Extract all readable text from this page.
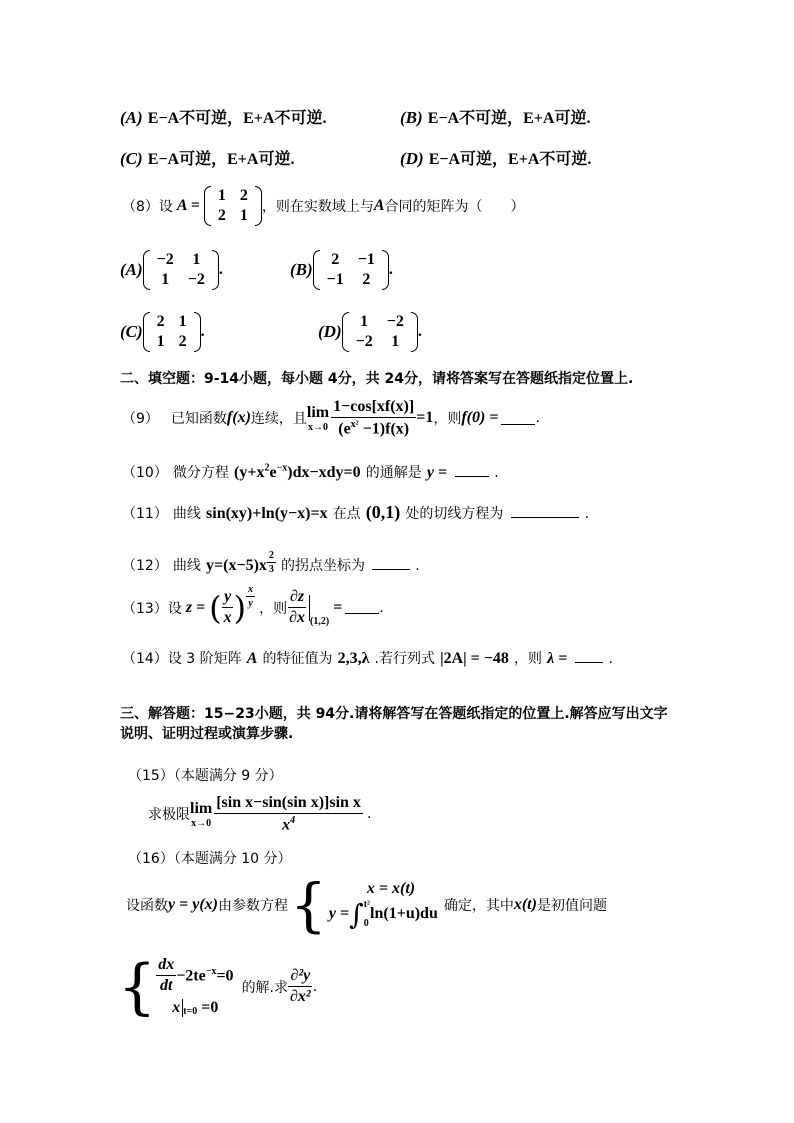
(A) E−A不可逆，E+A不可逆.	(B) E−A不可逆，E+A可逆.
(C) E−A可逆，E+A可逆.	(D) E−A可逆，E+A不可逆.
（8）设 A =
1	2
2	1 ，则在实数域上与 A 合同的矩阵为（　　）
(A)
−2	1
1	−2
.	(B)
2	−1
−1	2
.
(C)
2	1
1	2
.	(D)
1	−2
−2	1
.
二、填空题：9-14小题，每小题 4分，共 24分，请将答案写在答题纸指定位置上.
（9） 已知函数 f(x) 连续，且 lim
$x\to 0 \frac{1-\cos[xf(x)]}{(e^{x^2} -1)f(x)} =1$ ，则 f(0) =	.
（10） 微分方程 $(y+x^2e^{-x})dx-xdy=0$ 的通解是 y =	.
（11） 曲线 sin(xy)+ln(y−x)=x 在点 (0,1) 处的切线方程为	.
（12） 曲线 $y=(x-5)x \frac{2}{3}$ 的拐点坐标为	.
（13）设 z = ( $\frac{y}{x}$ ) $\frac{x}{y}$ ，则 $\frac{\partial z}{\partial x} (1,2)$
=	.
（14）设 3 阶矩阵 A 的特征值为 2,3,λ .若行列式 |2A| = −48 ，则 λ =	.
三、解答题：15−23小题，共 94分.请将解答写在答题纸指定的位置上.解答应写出文字
说明、证明过程或演算步骤.
（15）（本题满分 9 分）
求极限 lim
$x\to 0 \frac{\text{[sin x−sin(sin x)]sin x}}{x^4}$ .
（16）（本题满分 10 分）
设函数 y = y(x) 由参数方程 {	x = x(t)
y = ∫ t²
0
ln(1+u)du 确定，其中 x(t) 是初值问题
{ $\frac{dx}{dt} -2te^{-x}=0$
x t=0 =0
的解.求 $\frac{\text{∂²y}}{\text{∂x²}}$ .
